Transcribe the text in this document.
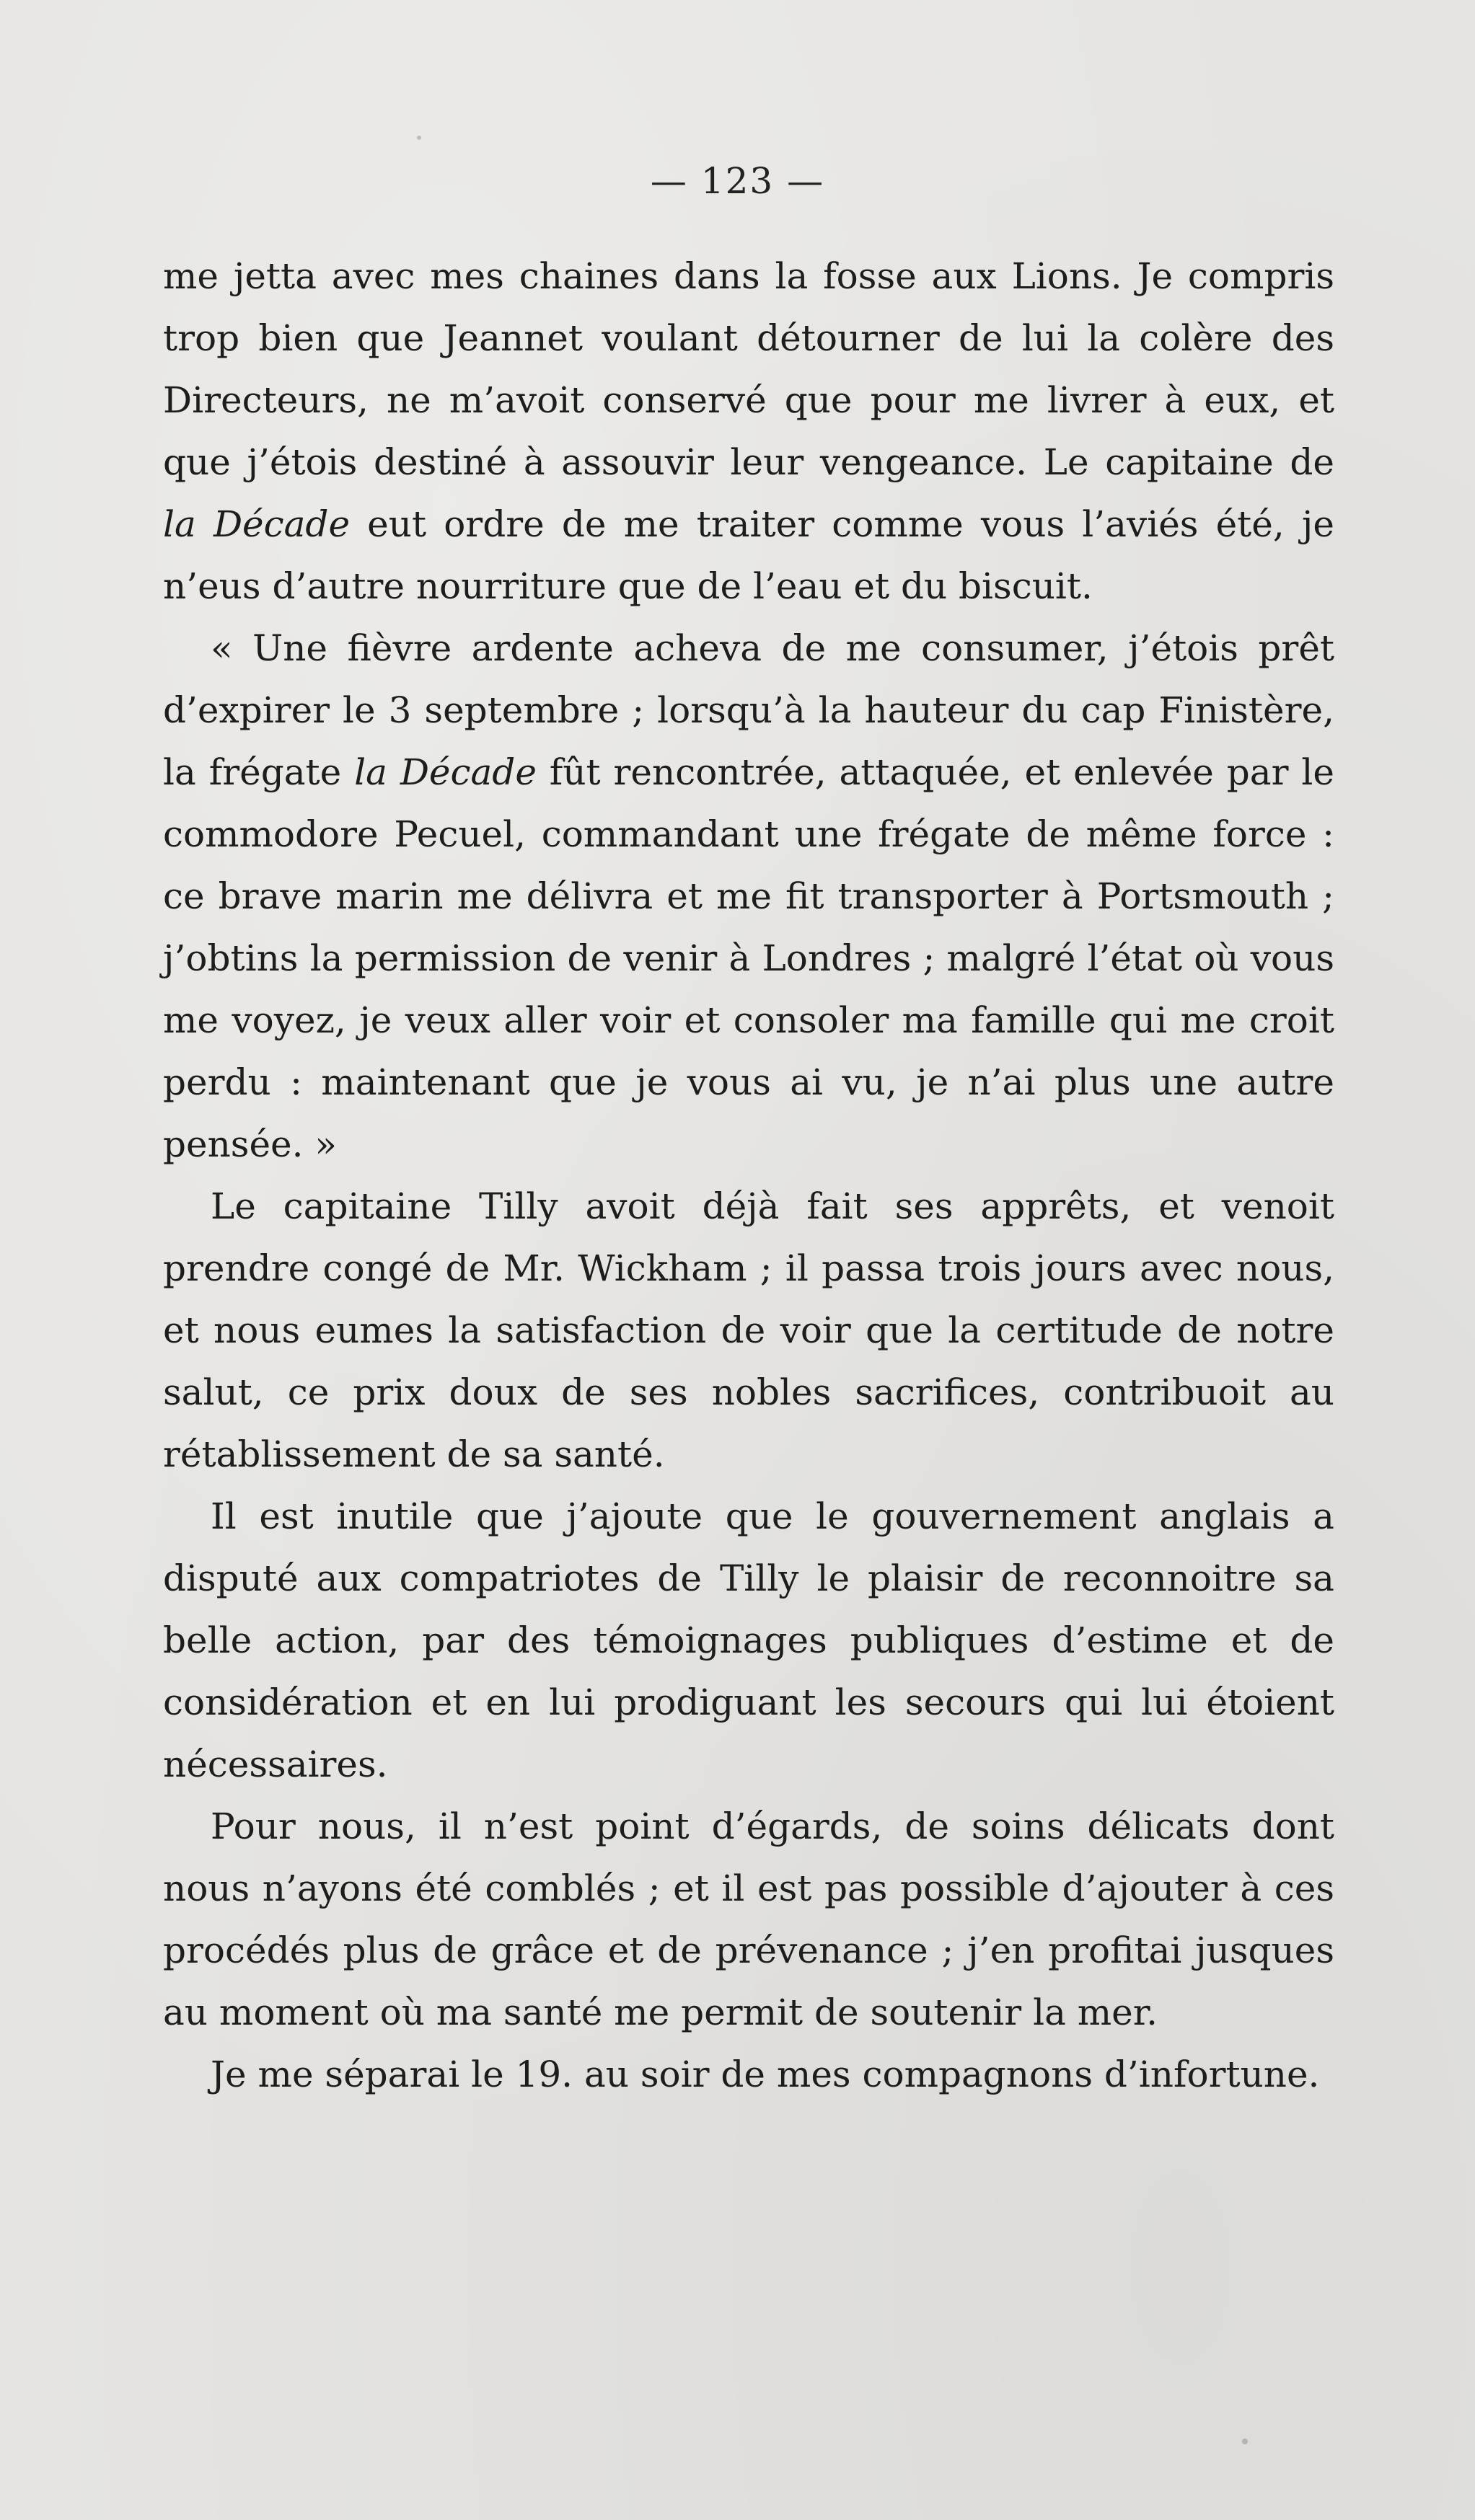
— 123 —

me jetta avec mes chaines dans la fosse aux Lions. Je compris trop bien que Jeannet voulant détourner de lui la colère des Directeurs, ne m’avoit conservé que pour me livrer à eux, et que j’étois destiné à assouvir leur vengeance. Le capitaine de la Décade eut ordre de me traiter comme vous l’aviés été, je n’eus d’autre nourriture que de l’eau et du biscuit.

« Une fièvre ardente acheva de me consumer, j’étois prêt d’expirer le 3 septembre ; lorsqu’à la hauteur du cap Finistère, la frégate la Décade fût rencontrée, attaquée, et enlevée par le commodore Pecuel, commandant une frégate de même force : ce brave marin me délivra et me fit transporter à Portsmouth ; j’obtins la permission de venir à Londres ; malgré l’état où vous me voyez, je veux aller voir et consoler ma famille qui me croit perdu : maintenant que je vous ai vu, je n’ai plus une autre pensée. »

Le capitaine Tilly avoit déjà fait ses apprêts, et venoit prendre congé de Mr. Wickham ; il passa trois jours avec nous, et nous eumes la satisfaction de voir que la certitude de notre salut, ce prix doux de ses nobles sacrifices, contribuoit au rétablissement de sa santé.

Il est inutile que j’ajoute que le gouvernement anglais a disputé aux compatriotes de Tilly le plaisir de reconnoitre sa belle action, par des témoignages publiques d’estime et de considération et en lui prodiguant les secours qui lui étoient nécessaires.

Pour nous, il n’est point d’égards, de soins délicats dont nous n’ayons été comblés ; et il est pas possible d’ajouter à ces procédés plus de grâce et de prévenance ; j’en profitai jusques au moment où ma santé me permit de soutenir la mer.

Je me séparai le 19. au soir de mes compagnons d’infortune.
